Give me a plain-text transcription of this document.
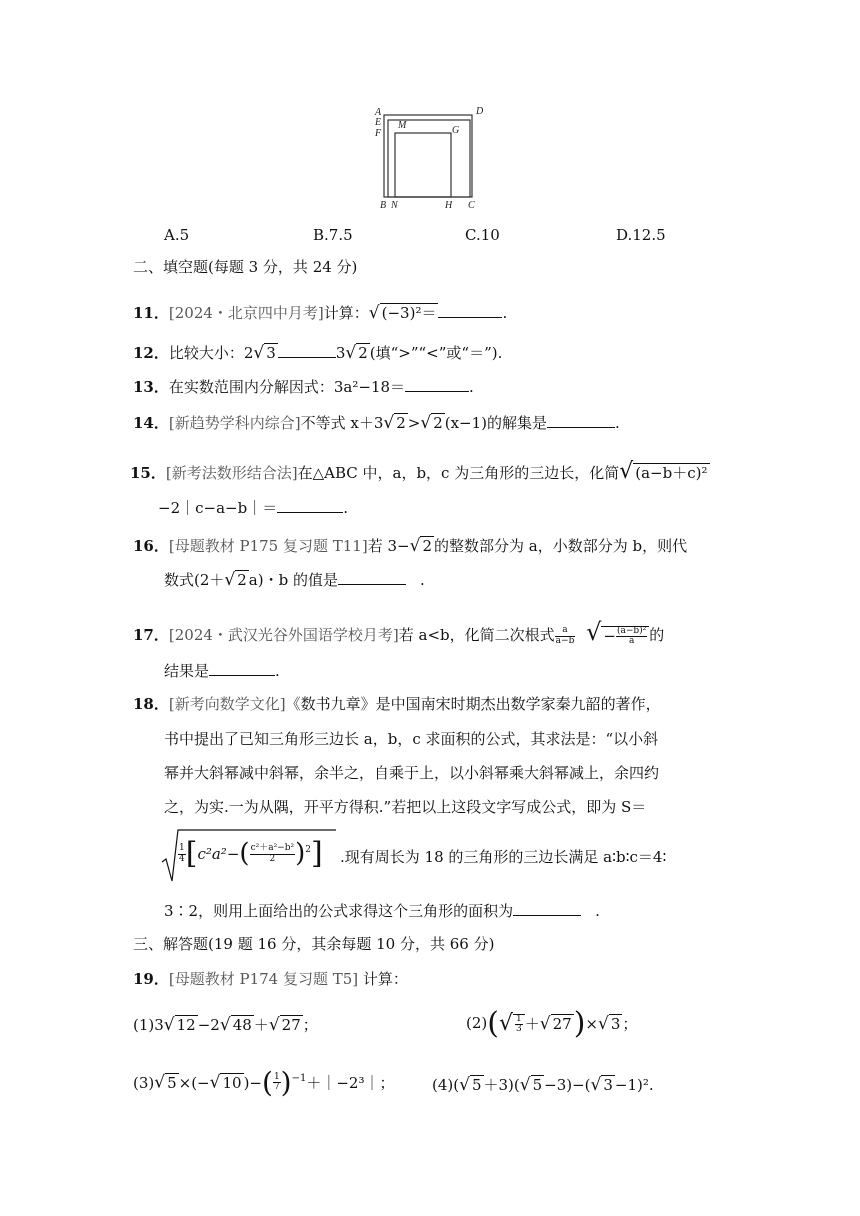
A
E
F
M
D
G
B N	H C
A.5	B.7.5	C.10	D.12.5
二、填空题(每题 3 分，共 24 分)
11．[2024・北京四中月考]计算：√ (−3)²＝	.
12．比较大小：2√ 3	3√ 2 (填“>”“<”或“＝”).
13．在实数范围内分解因式：3a²−18＝	.
14．[新趋势学科内综合]不等式 x＋3√ 2 >√ 2 (x−1)的解集是	.
15．[新考法数形结合法]在△ABC 中，a，b，c 为三角形的三边长，化简√ (a−b＋c)²
−2｜c−a−b｜＝	.
16．[母题教材 P175 复习题 T11]若 3−√ 2 的整数部分为 a，小数部分为 b，则代
数式(2＋√ 2 a)・b 的值是	.
17．[2024・武汉光谷外国语学校月考]若 a<b，化简二次根式 $\frac{a}{a-b}$ √ − $\frac{\text{(a−b)²}}{a}$ 的
结果是	.
18．[新考向数学文化]《数书九章》是中国南宋时期杰出数学家秦九韶的著作，
书中提出了已知三角形三边长 a，b，c 求面积的公式，其求法是：“以小斜
幂并大斜幂减中斜幂，余半之，自乘于上，以小斜幂乘大斜幂减上，余四约
之，为实.一为从隅，开平方得积.”若把以上这段文字写成公式，即为 S＝
$\frac{1}{4} [c^2a^2-( \frac{\text{c²＋a²−b²}}{2} )^2]$ .现有周长为 18 的三角形的三边长满足 a∶b∶c＝4∶
3∶2，则用上面给出的公式求得这个三角形的面积为	.
三、解答题(19 题 16 分，其余每题 10 分，共 66 分)
19．[母题教材 P174 复习题 T5] 计算：
(1)3√ 12 −2√ 48 ＋√ 27 ；	$(2)(√ \frac{1}{3}$ ＋√ 27)×√ 3 ；
(3)√ 5 ×(−√ 10 )−( $\frac{1}{7}$ )$^{-1}$＋｜−2³｜；	(4)(√ 5 ＋3)(√ 5 −3)−(√ 3 −1)².
